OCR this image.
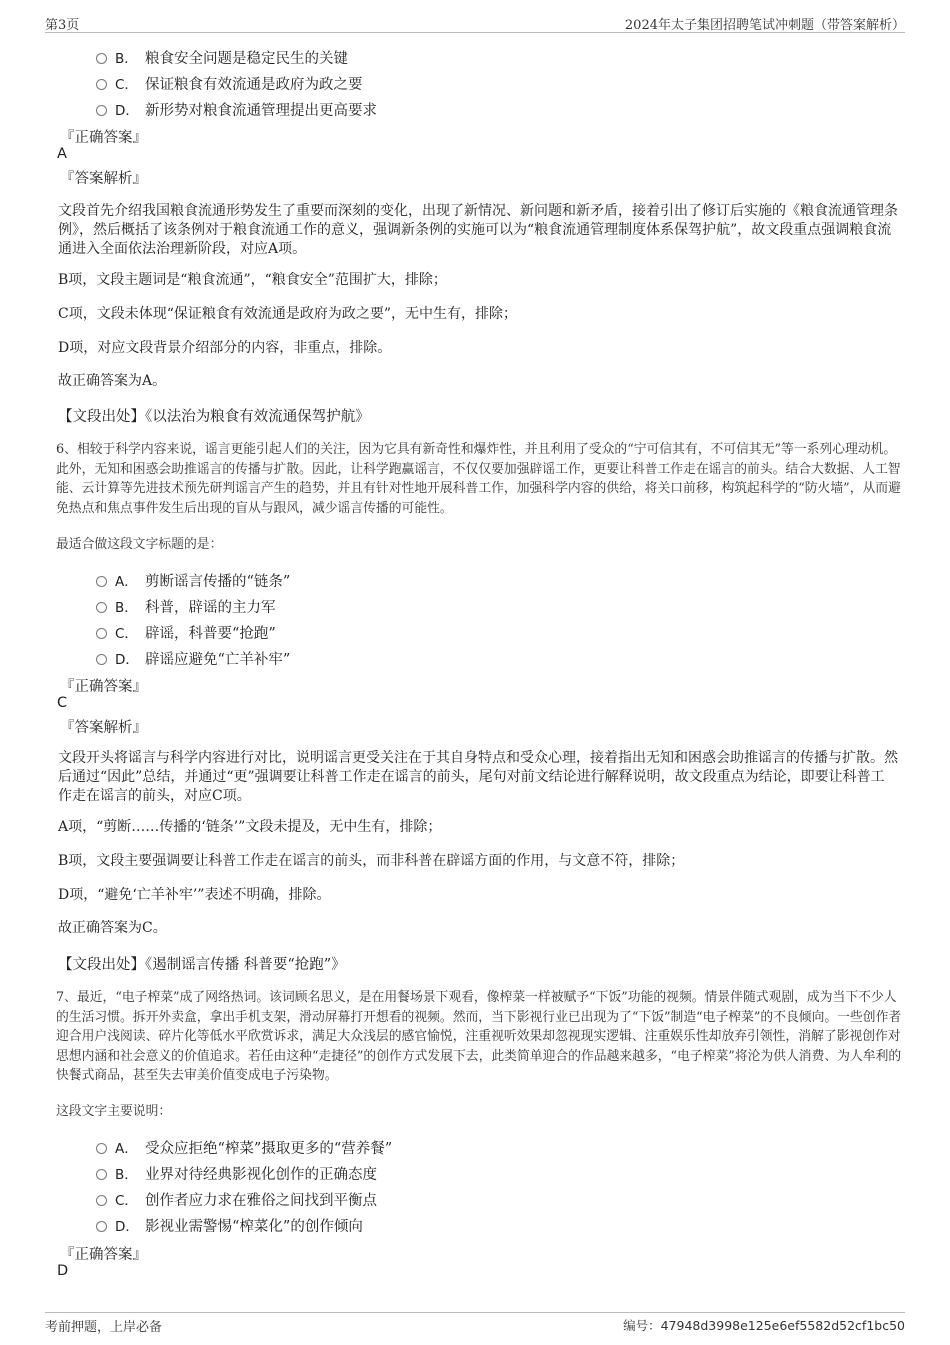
第3页	2024年太子集团招聘笔试冲刺题（带答案解析）
B． 粮食安全问题是稳定民生的关键
C． 保证粮食有效流通是政府为政之要
D． 新形势对粮食流通管理提出更高要求
『正确答案』
A
『答案解析』

文段首先介绍我国粮食流通形势发生了重要而深刻的变化，出现了新情况、新问题和新矛盾，接着引出了修订后实施的《粮食流通管理条例》，然后概括了该条例对于粮食流通工作的意义，强调新条例的实施可以为“粮食流通管理制度体系保驾护航”，故文段重点强调粮食流通进入全面依法治理新阶段，对应A项。

B项，文段主题词是“粮食流通”，“粮食安全”范围扩大，排除；

C项，文段未体现“保证粮食有效流通是政府为政之要”，无中生有，排除；

D项，对应文段背景介绍部分的内容，非重点，排除。

故正确答案为A。

【文段出处】《以法治为粮食有效流通保驾护航》

6、相较于科学内容来说，谣言更能引起人们的关注，因为它具有新奇性和爆炸性，并且利用了受众的“宁可信其有，不可信其无”等一系列心理动机。此外，无知和困惑会助推谣言的传播与扩散。因此，让科学跑赢谣言，不仅仅要加强辟谣工作，更要让科普工作走在谣言的前头。结合大数据、人工智能、云计算等先进技术预先研判谣言产生的趋势，并且有针对性地开展科普工作，加强科学内容的供给，将关口前移，构筑起科学的“防火墙”，从而避免热点和焦点事件发生后出现的盲从与跟风，减少谣言传播的可能性。

最适合做这段文字标题的是：

A． 剪断谣言传播的“链条”
B． 科普，辟谣的主力军
C． 辟谣，科普要“抢跑”
D． 辟谣应避免“亡羊补牢”
『正确答案』
C
『答案解析』

文段开头将谣言与科学内容进行对比，说明谣言更受关注在于其自身特点和受众心理，接着指出无知和困惑会助推谣言的传播与扩散。然后通过“因此”总结，并通过“更”强调要让科普工作走在谣言的前头，尾句对前文结论进行解释说明，故文段重点为结论，即要让科普工作走在谣言的前头，对应C项。

A项，“剪断……传播的‘链条’”文段未提及，无中生有，排除；

B项，文段主要强调要让科普工作走在谣言的前头，而非科普在辟谣方面的作用，与文意不符，排除；

D项，“避免‘亡羊补牢’”表述不明确，排除。

故正确答案为C。

【文段出处】《遏制谣言传播 科普要“抢跑”》

7、最近，“电子榨菜”成了网络热词。该词顾名思义，是在用餐场景下观看，像榨菜一样被赋予“下饭”功能的视频。情景伴随式观剧，成为当下不少人的生活习惯。拆开外卖盒，拿出手机支架，滑动屏幕打开想看的视频。然而，当下影视行业已出现为了“下饭”制造“电子榨菜”的不良倾向。一些创作者迎合用户浅阅读、碎片化等低水平欣赏诉求，满足大众浅层的感官愉悦，注重视听效果却忽视现实逻辑、注重娱乐性却放弃引领性，消解了影视创作对思想内涵和社会意义的价值追求。若任由这种“走捷径”的创作方式发展下去，此类简单迎合的作品越来越多，“电子榨菜”将沦为供人消费、为人牟利的快餐式商品，甚至失去审美价值变成电子污染物。

这段文字主要说明：

A． 受众应拒绝“榨菜”摄取更多的“营养餐”
B． 业界对待经典影视化创作的正确态度
C． 创作者应力求在雅俗之间找到平衡点
D． 影视业需警惕“榨菜化”的创作倾向
『正确答案』
D
考前押题，上岸必备	编号：47948d3998e125e6ef5582d52cf1bc50
